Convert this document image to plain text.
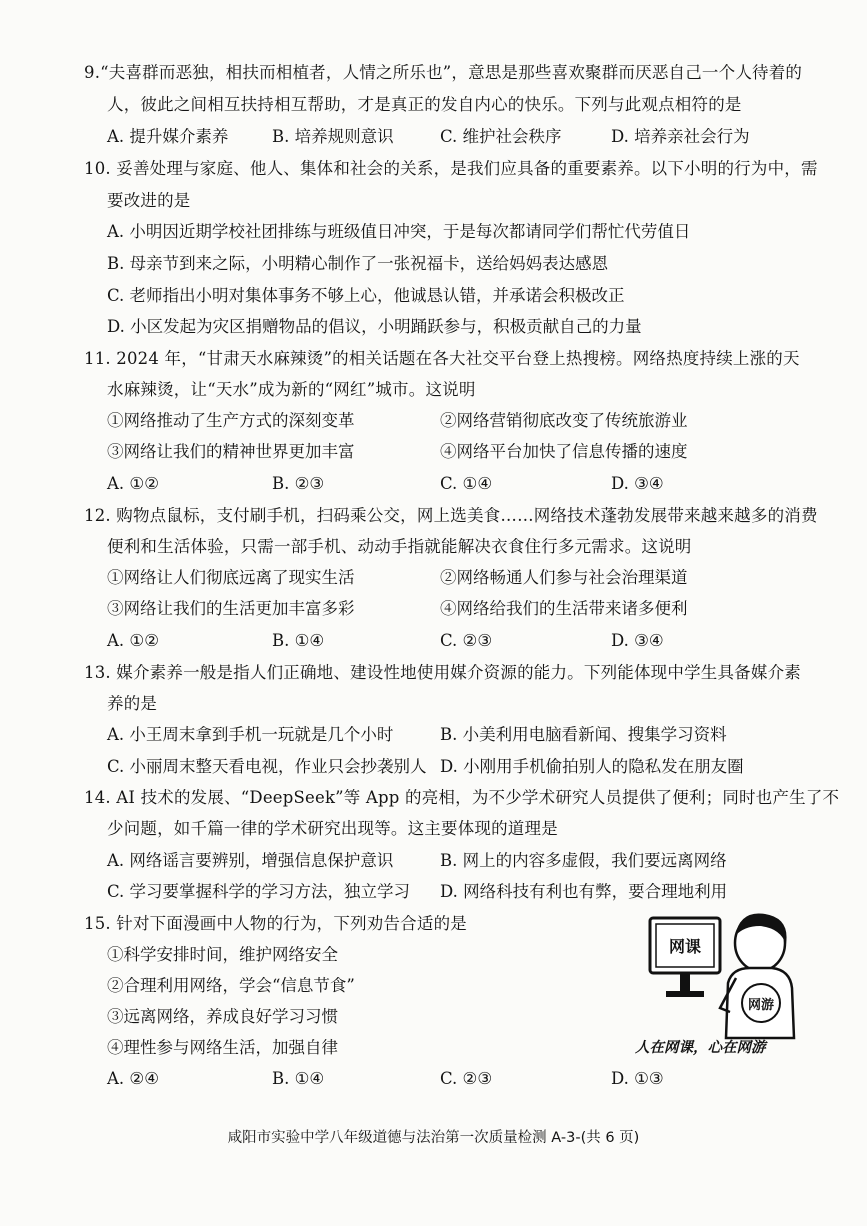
9.“夫喜群而恶独，相扶而相植者，人情之所乐也”，意思是那些喜欢聚群而厌恶自己一个人待着的
人，彼此之间相互扶持相互帮助，才是真正的发自内心的快乐。下列与此观点相符的是
A. 提升媒介素养	B. 培养规则意识	C. 维护社会秩序	D. 培养亲社会行为
10. 妥善处理与家庭、他人、集体和社会的关系，是我们应具备的重要素养。以下小明的行为中，需
要改进的是
A. 小明因近期学校社团排练与班级值日冲突，于是每次都请同学们帮忙代劳值日
B. 母亲节到来之际，小明精心制作了一张祝福卡，送给妈妈表达感恩
C. 老师指出小明对集体事务不够上心，他诚恳认错，并承诺会积极改正
D. 小区发起为灾区捐赠物品的倡议，小明踊跃参与，积极贡献自己的力量
11. 2024 年，“甘肃天水麻辣烫”的相关话题在各大社交平台登上热搜榜。网络热度持续上涨的天
水麻辣烫，让“天水”成为新的“网红”城市。这说明
①网络推动了生产方式的深刻变革	②网络营销彻底改变了传统旅游业
③网络让我们的精神世界更加丰富	④网络平台加快了信息传播的速度
A. ①②	B. ②③	C. ①④	D. ③④
12. 购物点鼠标，支付刷手机，扫码乘公交，网上选美食……网络技术蓬勃发展带来越来越多的消费
便利和生活体验，只需一部手机、动动手指就能解决衣食住行多元需求。这说明
①网络让人们彻底远离了现实生活	②网络畅通人们参与社会治理渠道
③网络让我们的生活更加丰富多彩	④网络给我们的生活带来诸多便利
A. ①②	B. ①④	C. ②③	D. ③④
13. 媒介素养一般是指人们正确地、建设性地使用媒介资源的能力。下列能体现中学生具备媒介素
养的是
A. 小王周末拿到手机一玩就是几个小时	B. 小美利用电脑看新闻、搜集学习资料
C. 小丽周末整天看电视，作业只会抄袭别人 D. 小刚用手机偷拍别人的隐私发在朋友圈
14. AI 技术的发展、“DeepSeek”等 App 的亮相，为不少学术研究人员提供了便利；同时也产生了不
少问题，如千篇一律的学术研究出现等。这主要体现的道理是
A. 网络谣言要辨别，增强信息保护意识	B. 网上的内容多虚假，我们要远离网络
C. 学习要掌握科学的学习方法，独立学习 D. 网络科技有利也有弊，要合理地利用
15. 针对下面漫画中人物的行为，下列劝告合适的是
①科学安排时间，维护网络安全
②合理利用网络，学会“信息节食”
③远离网络，养成良好学习习惯
④理性参与网络生活，加强自律
A. ②④	B. ①④	C. ②③	D. ①③
网课
网游
人在网课，心在网游
咸阳市实验中学八年级道德与法治第一次质量检测 A-3-(共 6 页)
